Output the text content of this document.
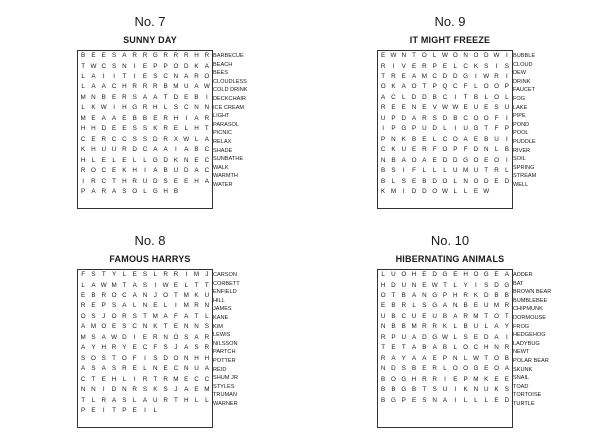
No. 7
SUNNY DAY
B E E S A R R G R R R H R
T W C S N	I	E P P O D K A
L	A	I	I	T	I	E S C N A R O
L	A A C H R R R B M U A W
M N B E R S A A T D E B	I
L	K W	I	H G R H L	S C N N
M E A A E B B E R H	I	A R
H H D E E S S K R E	L H T
C E R C C S S D R X W L	A
K H U U R D C A A	I	A B C
H L	E	L	E	L	L G D K N E C
R O C E K H	I	A B U D A C
I	R C T H R U D S E E H A
P A R A S O L G H B
BARBECUE
BEACH
BEES
CLOUDLESS
COLD DRINK
DECKCHAIR
ICE CREAM
LIGHT
PARASOL
PICNIC
RELAX
SHADE
SUNBATHE
WALK
WARMTH
WATER
No. 9
IT MIGHT FREEZE
E W N T O L W O N O D W	I
R	I	V E R P E	L C K S	I	S
T R E A M C D D G	I	W R	I
O K A O T P Q C F	L O O P
A C L D D B C	I	T B	L O L
R E E N E V W W E U E S U
U P D A R S D B C O O F	I
I	P G P U D L	I	U G T	F P
P N K B E	L C O A E B U	I
C K U E R F O P F D N L	B
N B A O A E D D G O E O	I
B S	I	F	L	L	L U M U T R L
B	L	S E B D O L N O D E D
K M	I	D D O W L	L	E W
BUBBLE
CLOUD
DEW
DRINK
FAUCET
FOG
LAKE
PIPE
POND
POOL
PUDDLE
RIVER
SOIL
SPRING
STREAM
WELL
No. 8
FAMOUS HARRYS
F S T Y	L	E S	L R R	I	M J
L	A W M T A S	I	W E	L	T	T
E B R O C A N	J O T M K U
R E P S A	L N E	L	I	M R N
O S	J O R S T M A F A T	L
A M O E S C N K T E N N S
M S A W D	I	E R N O S A R
A Y H R Y E C F S	J	A S R
S O S T O F	I	S D O N H H
A S A S R E	L N E C N U A
C T E H L	I	R T R M E C C
N N	I	D N R S K S	J	A E M
T	L R A S	L	A U R T H L	L
P E	I	T P E	I	L
CARSON
CORBETT
ENFIELD
HILL
JAMES
KANE
KIM
LEWIS
NILSSON
PARTCH
POTTER
REID
SHUM JR
STYLES
TRUMAN
WARNER
No. 10
HIBERNATING ANIMALS
L U O H E D G E H O G E A
H D U N E W T	L	Y	I	S D G
O T B A N G P H R K D B B
E B R L	S G A N B E U M R
U B C U E U B A R M T O T
N B B M R R K	L	B U L	A Y
R P U A D G W L	S E D A	I
T E T A B A B	L O C H N R
R A Y A A E P N L W T O B
N D S B E R L O O G E O A
B O G H R R	I	E P M K E E
B B G B T S U	I	K N U K S
B G P E S N A	I	L	L	L	E D
ADDER
BAT
BROWN BEAR
BUMBLEBEE
CHIPMUNK
DORMOUSE
FROG
HEDGEHOG
LADYBUG
NEWT
POLAR BEAR
SKUNK
SNAIL
TOAD
TORTOISE
TURTLE
